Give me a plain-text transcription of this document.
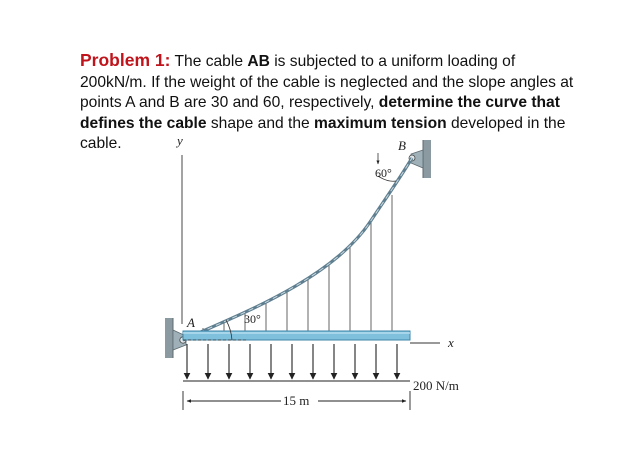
Problem 1: The cable AB is subjected to a uniform loading of 200kN/m. If the weight of the cable is neglected and the slope angles at points A and B are 30 and 60, respectively, determine the curve that defines the cable shape and the maximum tension developed in the cable.	y
A
B
x
200 N/m
30°
60°
15 m
